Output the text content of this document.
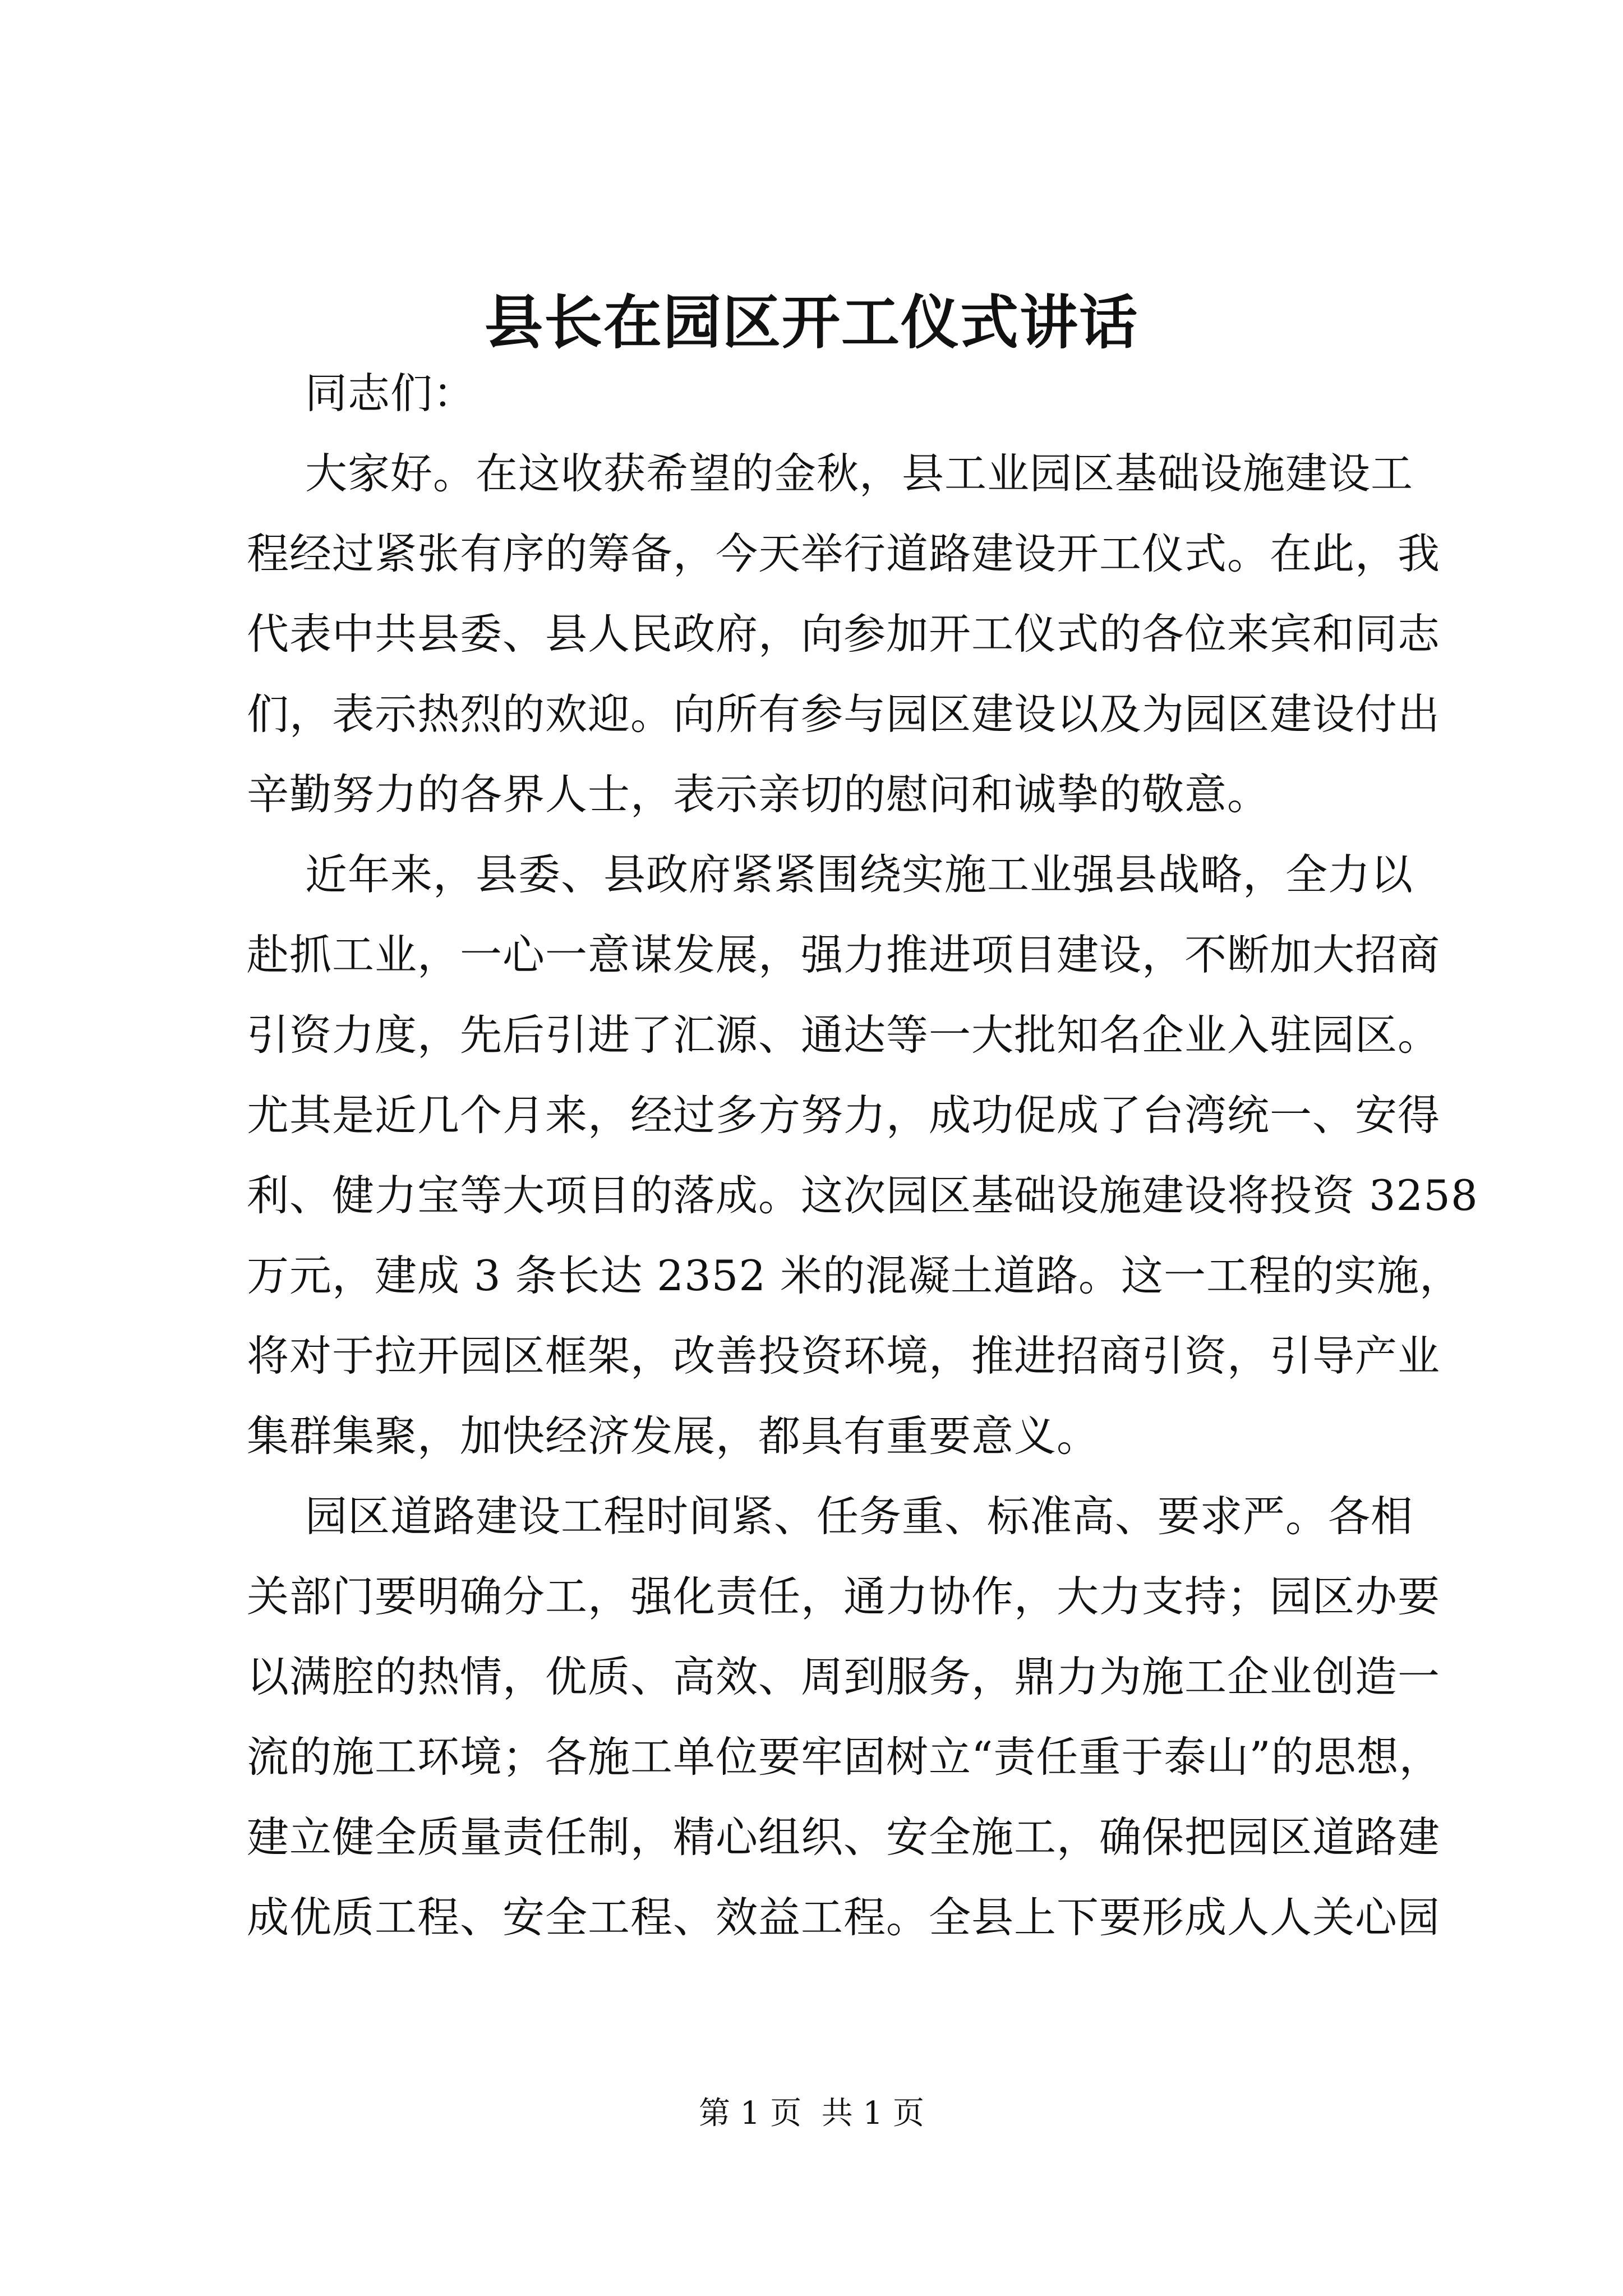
县长在园区开工仪式讲话
同志们：
大家好。在这收获希望的金秋，县工业园区基础设施建设工
程经过紧张有序的筹备，今天举行道路建设开工仪式。在此，我
代表中共县委、县人民政府，向参加开工仪式的各位来宾和同志
们，表示热烈的欢迎。向所有参与园区建设以及为园区建设付出
辛勤努力的各界人士，表示亲切的慰问和诚挚的敬意。
近年来，县委、县政府紧紧围绕实施工业强县战略，全力以
赴抓工业，一心一意谋发展，强力推进项目建设，不断加大招商
引资力度，先后引进了汇源、通达等一大批知名企业入驻园区。
尤其是近几个月来，经过多方努力，成功促成了台湾统一、安得
利、健力宝等大项目的落成。这次园区基础设施建设将投资 3258
万元，建成 3 条长达 2352 米的混凝土道路。这一工程的实施，
将对于拉开园区框架，改善投资环境，推进招商引资，引导产业
集群集聚，加快经济发展，都具有重要意义。
园区道路建设工程时间紧、任务重、标准高、要求严。各相
关部门要明确分工，强化责任，通力协作，大力支持；园区办要
以满腔的热情，优质、高效、周到服务，鼎力为施工企业创造一
流的施工环境；各施工单位要牢固树立“责任重于泰山”的思想，
建立健全质量责任制，精心组织、安全施工，确保把园区道路建
成优质工程、安全工程、效益工程。全县上下要形成人人关心园
第 1 页  共 1 页
